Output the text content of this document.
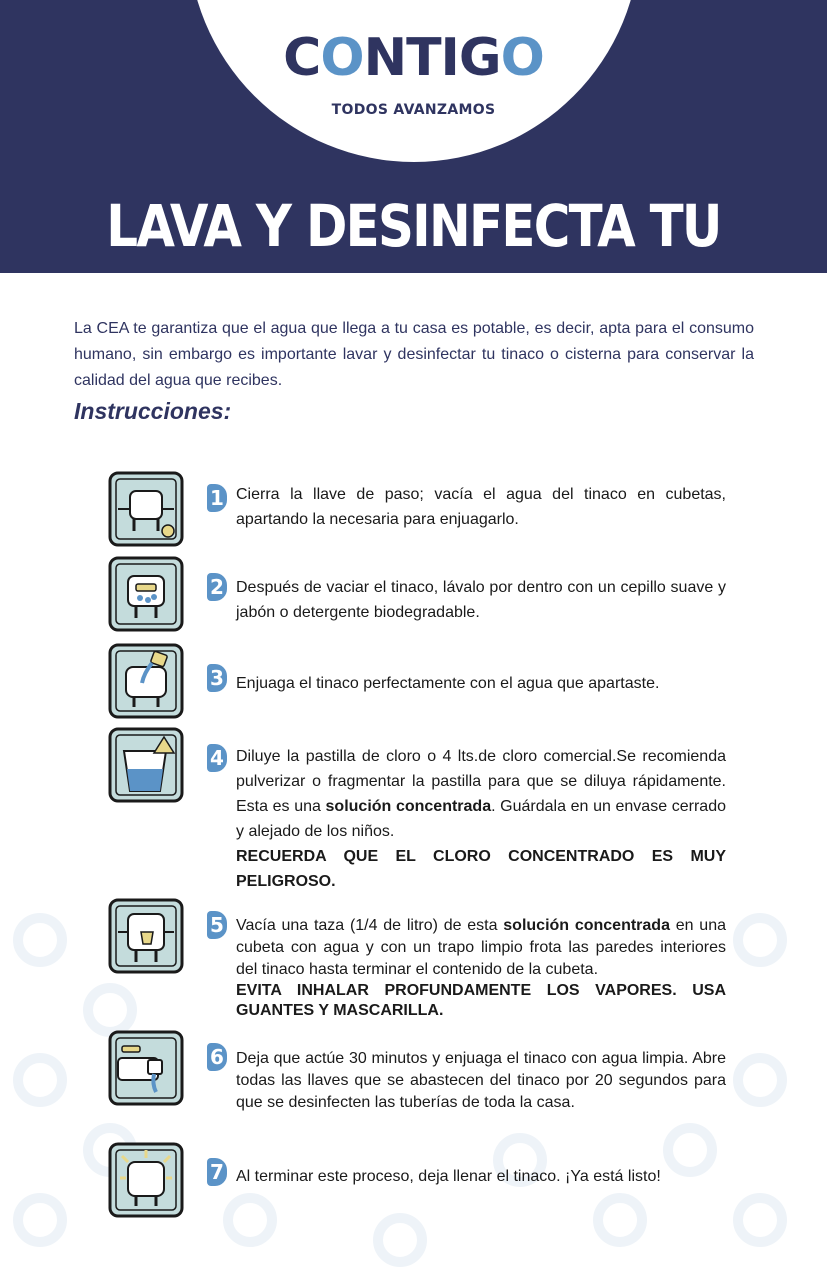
CONTIGO
TODOS AVANZAMOS
LAVA Y DESINFECTA TU TINACO
La CEA te garantiza que el agua que llega a tu casa es potable, es decir, apta para el consumo humano, sin embargo es importante lavar y desinfectar tu tinaco o cisterna para conservar la calidad del agua que recibes.
Instrucciones:
1 Cierra la llave de paso; vacía el agua del tinaco en cubetas, apartando la necesaria para enjuagarlo.
2 Después de vaciar el tinaco, lávalo por dentro con un cepillo suave y jabón o detergente biodegradable.
3 Enjuaga el tinaco perfectamente con el agua que apartaste.
4 Diluye la pastilla de cloro o 4 lts.de cloro comercial.Se recomienda pulverizar o fragmentar la pastilla para que se diluya rápidamente. Esta es una solución concentrada. Guárdala en un envase cerrado y alejado de los niños.

RECUERDA QUE EL CLORO CONCENTRADO ES MUY PELIGROSO.

5 Vacía una taza (1/4 de litro) de esta solución concentrada en una cubeta con agua y con un trapo limpio frota las paredes interiores del tinaco hasta terminar el contenido de la cubeta.

EVITA INHALAR PROFUNDAMENTE LOS VAPORES. USA GUANTES Y MASCARILLA.

6 Deja que actúe 30 minutos y enjuaga el tinaco con agua limpia. Abre todas las llaves que se abastecen del tinaco por 20 segundos para que se desinfecten las tuberías de toda la casa.
7 Al terminar este proceso, deja llenar el tinaco. ¡Ya está listo!
